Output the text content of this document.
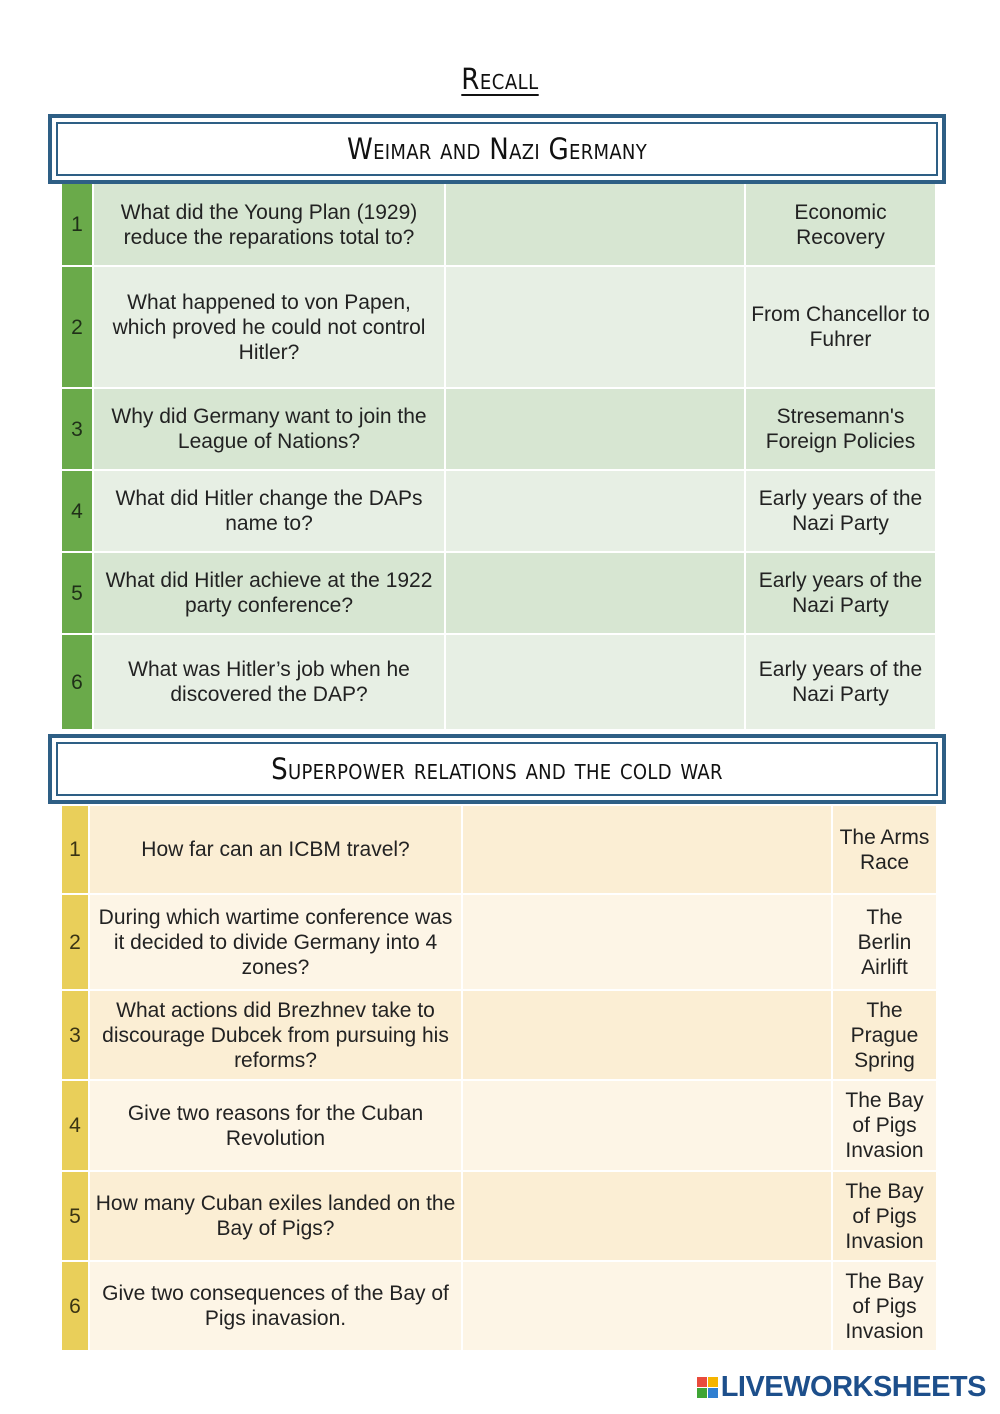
Recall
Weimar and Nazi Germany
1	What did the Young Plan (1929) reduce the reparations total to?		Economic Recovery
2	What happened to von Papen, which proved he could not control Hitler?		From Chancellor to Fuhrer
3	Why did Germany want to join the League of Nations?		Stresemann's Foreign Policies
4	What did Hitler change the DAPs name to?		Early years of the Nazi Party
5	What did Hitler achieve at the 1922 party conference?		Early years of the Nazi Party
6	What was Hitler’s job when he discovered the DAP?		Early years of the Nazi Party
Superpower relations and the cold war
1	How far can an ICBM travel?		The Arms Race
2	During which wartime conference was it decided to divide Germany into 4 zones?		The Berlin Airlift
3	What actions did Brezhnev take to discourage Dubcek from pursuing his reforms?		The Prague Spring
4	Give two reasons for the Cuban Revolution		The Bay of Pigs Invasion
5	How many Cuban exiles landed on the Bay of Pigs?		The Bay of Pigs Invasion
6	Give two consequences of the Bay of Pigs inavasion.		The Bay of Pigs Invasion
LIVEWORKSHEETS
